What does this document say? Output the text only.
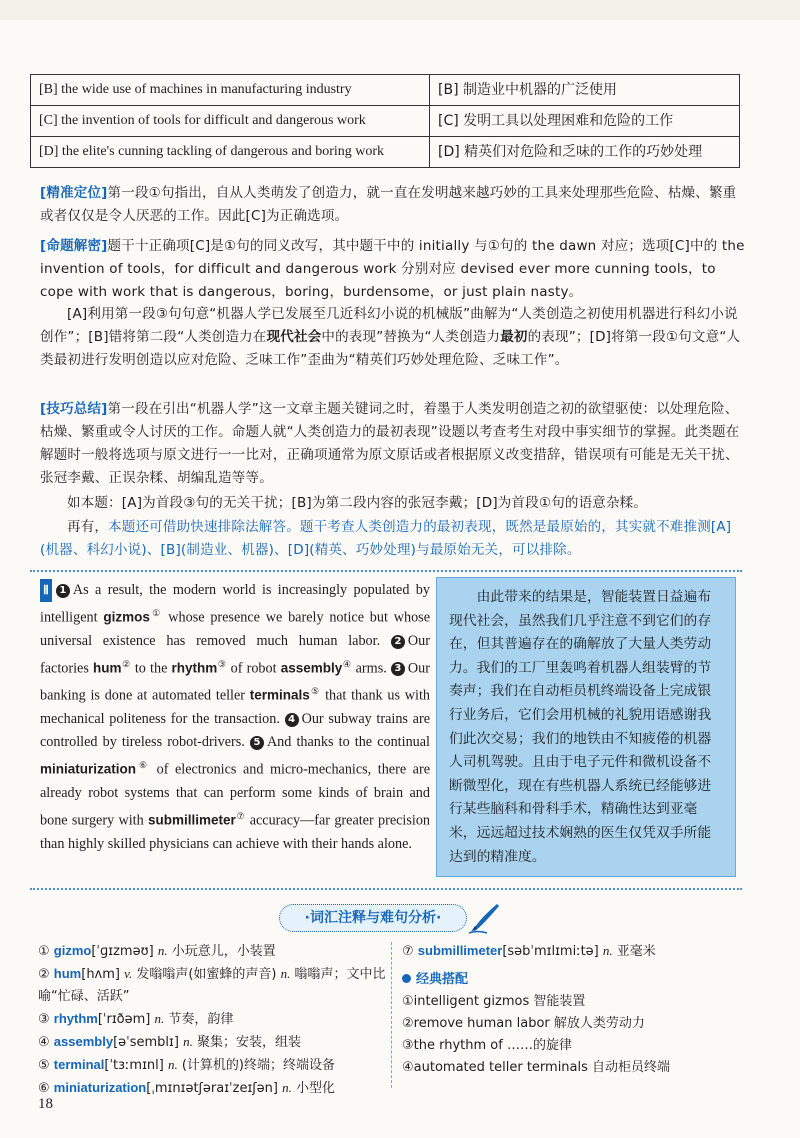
[B] the wide use of machines in manufacturing industry	[B] 制造业中机器的广泛使用
[C] the invention of tools for difficult and dangerous work	[C] 发明工具以处理困难和危险的工作
[D] the elite's cunning tackling of dangerous and boring work	[D] 精英们对危险和乏味的工作的巧妙处理
[精准定位]第一段①句指出，自从人类萌发了创造力，就一直在发明越来越巧妙的工具来处理那些危险、枯燥、繁重或者仅仅是令人厌恶的工作。因此[C]为正确选项。
[命题解密]题干十正确项[C]是①句的同义改写，其中题干中的 initially 与①句的 the dawn 对应；选项[C]中的 the invention of tools，for difficult and dangerous work 分别对应 devised ever more cunning tools，to cope with work that is dangerous，boring，burdensome，or just plain nasty。
[A]利用第一段③句句意“机器人学已发展至几近科幻小说的机械版”曲解为“人类创造之初使用机器进行科幻小说创作”；[B]错将第二段“人类创造力在现代社会中的表现”替换为“人类创造力最初的表现”；[D]将第一段①句文意“人类最初进行发明创造以应对危险、乏味工作”歪曲为“精英们巧妙处理危险、乏味工作”。
[技巧总结]第一段在引出“机器人学”这一文章主题关键词之时，着墨于人类发明创造之初的欲望驱使：以处理危险、枯燥、繁重或令人讨厌的工作。命题人就“人类创造力的最初表现”设题以考查考生对段中事实细节的掌握。此类题在解题时一般将选项与原文进行一一比对，正确项通常为原文原话或者根据原义改变措辞，错误项有可能是无关干扰、张冠李戴、正误杂糅、胡编乱造等等。
如本题：[A]为首段③句的无关干扰；[B]为第二段内容的张冠李戴；[D]为首段①句的语意杂糅。
再有，本题还可借助快速排除法解答。题干考查人类创造力的最初表现，既然是最原始的，其实就不难推测[A](机器、科幻小说)、[B](制造业、机器)、[D](精英、巧妙处理)与最原始无关，可以排除。
Ⅱ 1 As a result, the modern world is increasingly populated by intelligent gizmos① whose presence we barely notice but whose universal existence has removed much human labor. 2 Our factories hum② to the rhythm③ of robot assembly④ arms. 3 Our banking is done at automated teller terminals⑤ that thank us with mechanical politeness for the transaction. 4 Our subway trains are controlled by tireless robot-drivers. 5 And thanks to the continual miniaturization⑥ of electronics and micro-mechanics, there are already robot systems that can perform some kinds of brain and bone surgery with submillimeter⑦ accuracy—far greater precision than highly skilled physicians can achieve with their hands alone.
由此带来的结果是，智能装置日益遍布现代社会，虽然我们几乎注意不到它们的存在，但其普遍存在的确解放了大量人类劳动力。我们的工厂里轰鸣着机器人组装臂的节奏声；我们在自动柜员机终端设备上完成银行业务后，它们会用机械的礼貌用语感谢我们此次交易；我们的地铁由不知疲倦的机器人司机驾驶。且由于电子元件和微机设备不断微型化，现在有些机器人系统已经能够进行某些脑科和骨科手术，精确性达到亚毫米，远远超过技术娴熟的医生仅凭双手所能达到的精准度。
·词汇注释与难句分析·
① gizmo[ˈɡɪzməʊ] n. 小玩意儿，小装置
② hum[hʌm] v. 发嗡嗡声(如蜜蜂的声音) n. 嗡嗡声；文中比喻“忙碌、活跃”
③ rhythm[ˈrɪðəm] n. 节奏，韵律
④ assembly[əˈsemblɪ] n. 聚集；安装，组装
⑤ terminal[ˈtɜːmɪnl] n. (计算机的)终端；终端设备
⑥ miniaturization[ˌmɪnɪətʃəraɪˈzeɪʃən] n. 小型化
⑦ submillimeter[səbˈmɪlɪmiːtə] n. 亚毫米
经典搭配
①intelligent gizmos 智能装置
②remove human labor 解放人类劳动力
③the rhythm of ……的旋律
④automated teller terminals 自动柜员终端
18
